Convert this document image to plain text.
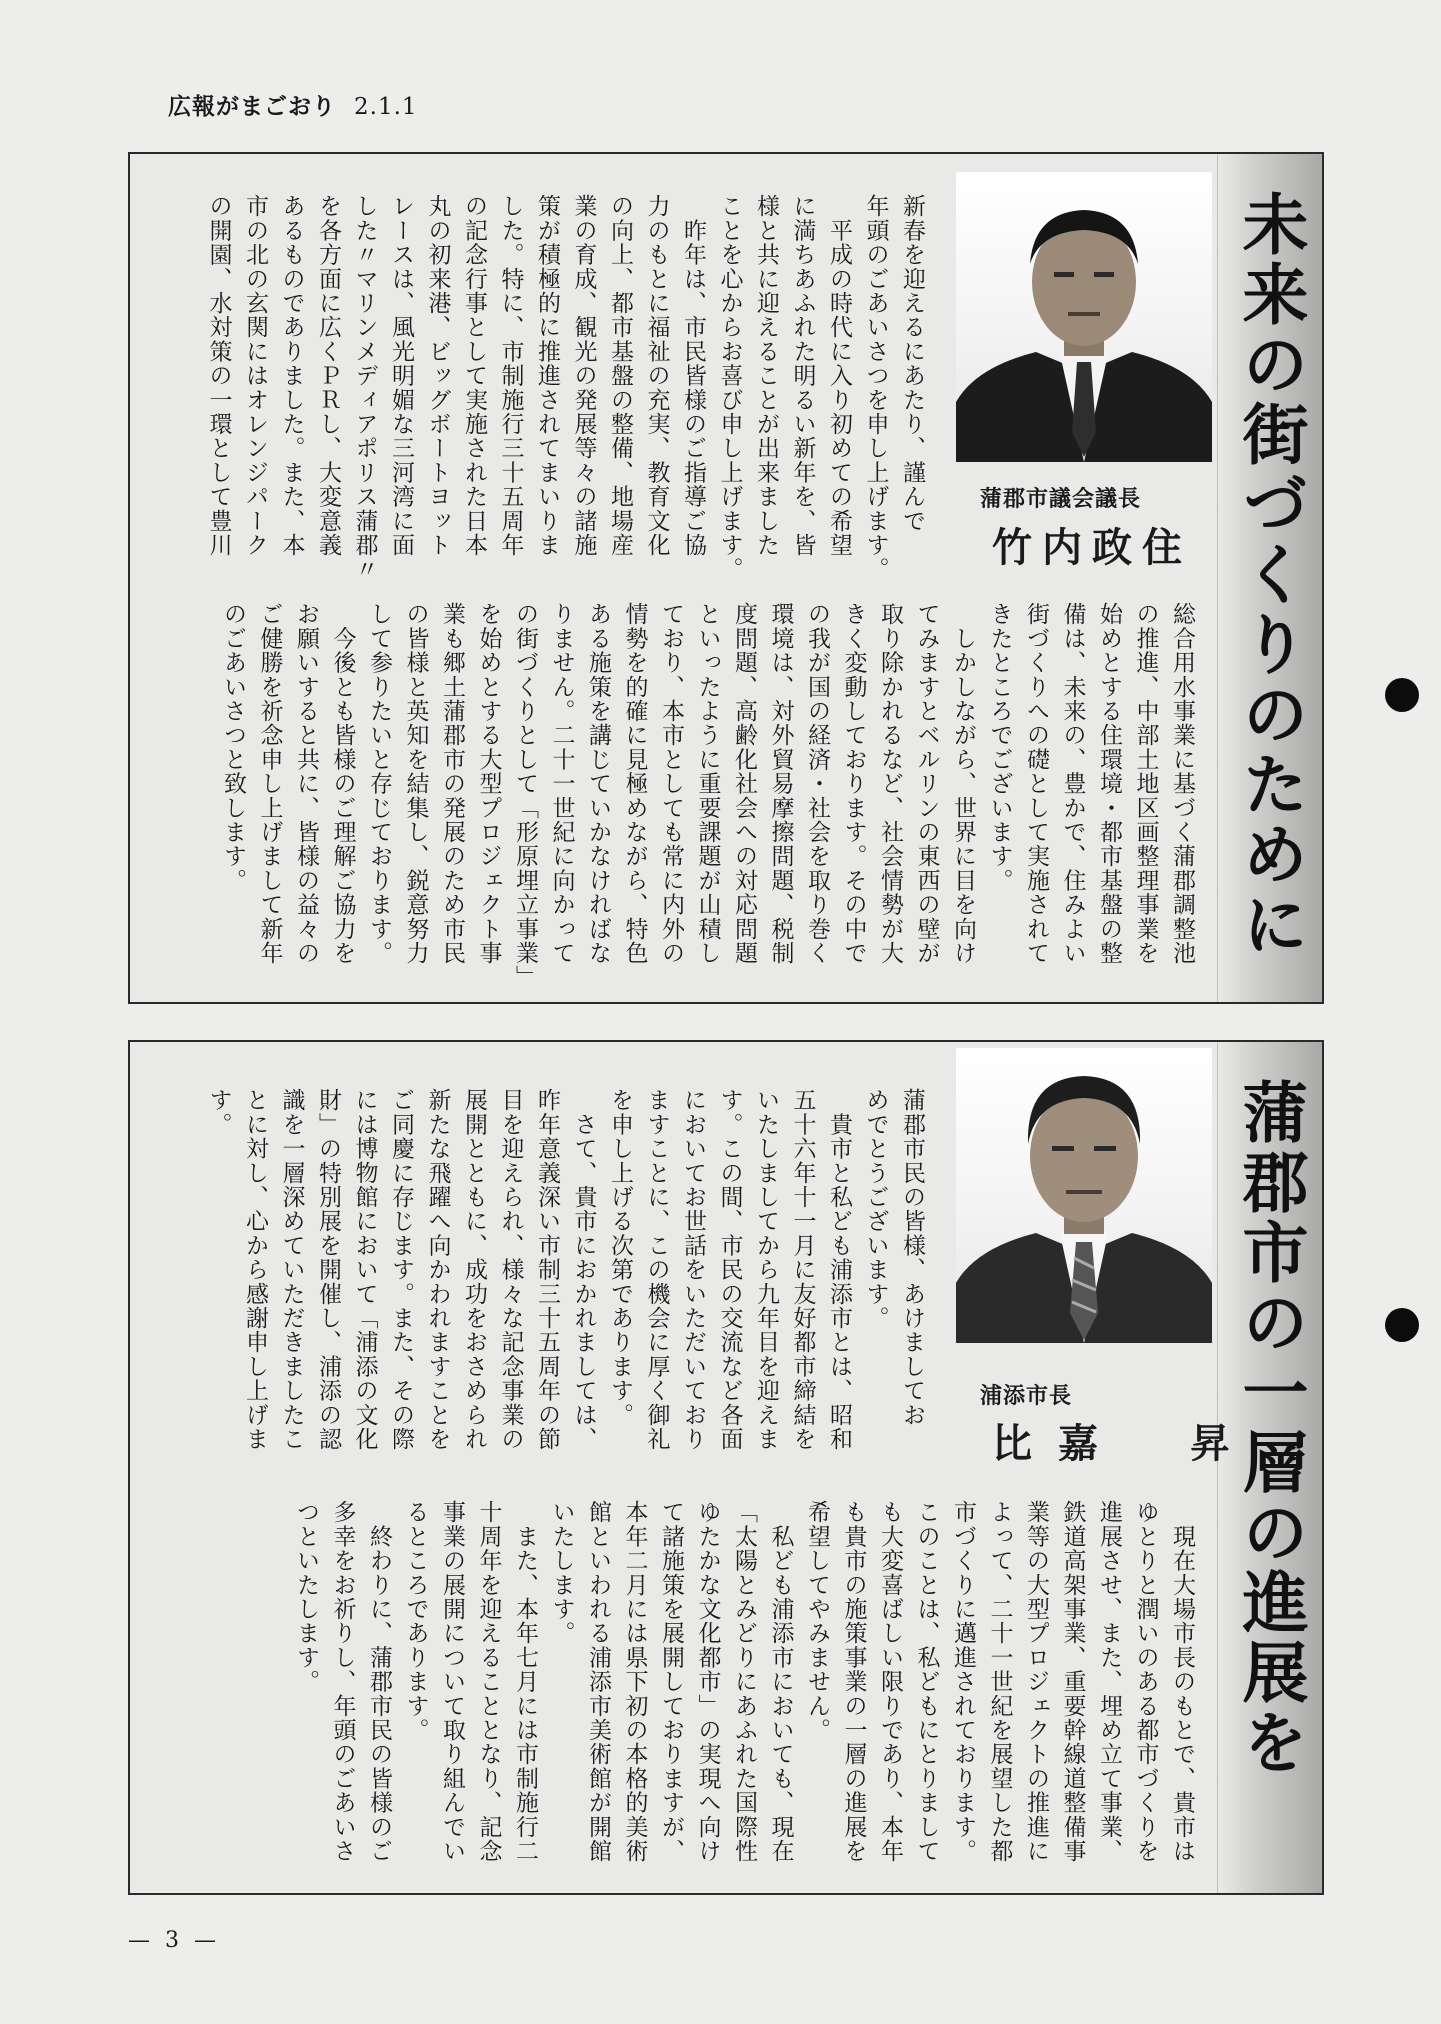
広報がまごおり 2.1.1
未来の街づくりのために
蒲郡市議会議長
竹内政住

総合用水事業に基づく蒲郡調整池
の推進、中部土地区画整理事業を
始めとする住環境・都市基盤の整
備は、未来の、豊かで、住みよい
街づくりへの礎として実施されて
きたところでございます。
　しかしながら、世界に目を向け
てみますとベルリンの東西の壁が
取り除かれるなど、社会情勢が大
きく変動しております。その中で
の我が国の経済・社会を取り巻く
環境は、対外貿易摩擦問題、税制
度問題、高齢化社会への対応問題
といったように重要課題が山積し
ており、本市としても常に内外の
情勢を的確に見極めながら、特色
ある施策を講じていかなければな
りません。二十一世紀に向かって
の街づくりとして「形原埋立事業」
を始めとする大型プロジェクト事
業も郷土蒲郡市の発展のため市民
の皆様と英知を結集し、鋭意努力
して参りたいと存じております。
　今後とも皆様のご理解ご協力を
お願いすると共に、皆様の益々の
ご健勝を祈念申し上げまして新年
のごあいさつと致します。

新春を迎えるにあたり、謹んで
年頭のごあいさつを申し上げます。
　平成の時代に入り初めての希望
に満ちあふれた明るい新年を、皆
様と共に迎えることが出来ました
ことを心からお喜び申し上げます。
　昨年は、市民皆様のご指導ご協
力のもとに福祉の充実、教育文化
の向上、都市基盤の整備、地場産
業の育成、観光の発展等々の諸施
策が積極的に推進されてまいりま
した。特に、市制施行三十五周年
の記念行事として実施された日本
丸の初来港、ビッグボートヨット
レースは、風光明媚な三河湾に面
した〃マリンメディアポリス蒲郡〃
を各方面に広くＰＲし、大変意義
あるものでありました。また、本
市の北の玄関にはオレンジパーク
の開園、水対策の一環として豊川

蒲郡市の一層の進展を
浦添市長
比嘉　昇

　現在大場市長のもとで、貴市は
ゆとりと潤いのある都市づくりを
進展させ、また、埋め立て事業、
鉄道高架事業、重要幹線道整備事
業等の大型プロジェクトの推進に
よって、二十一世紀を展望した都
市づくりに邁進されております。
このことは、私どもにとりまして
も大変喜ばしい限りであり、本年
も貴市の施策事業の一層の進展を
希望してやみません。
　私ども浦添市においても、現在
「太陽とみどりにあふれた国際性
ゆたかな文化都市」の実現へ向け
て諸施策を展開しておりますが、
本年二月には県下初の本格的美術
館といわれる浦添市美術館が開館
いたします。
　また、本年七月には市制施行二
十周年を迎えることとなり、記念
事業の展開について取り組んでい
るところであります。
　終わりに、蒲郡市民の皆様のご
多幸をお祈りし、年頭のごあいさ
つといたします。

蒲郡市民の皆様、あけましてお
めでとうございます。
　貴市と私ども浦添市とは、昭和
五十六年十一月に友好都市締結を
いたしましてから九年目を迎えま
す。この間、市民の交流など各面
においてお世話をいただいており
ますことに、この機会に厚く御礼
を申し上げる次第であります。
　さて、貴市におかれましては、
昨年意義深い市制三十五周年の節
目を迎えられ、様々な記念事業の
展開とともに、成功をおさめられ
新たな飛躍へ向かわれますことを
ご同慶に存じます。また、その際
には博物館において「浦添の文化
財」の特別展を開催し、浦添の認
識を一層深めていただきましたこ
とに対し、心から感謝申し上げま
す。

— 3 —
